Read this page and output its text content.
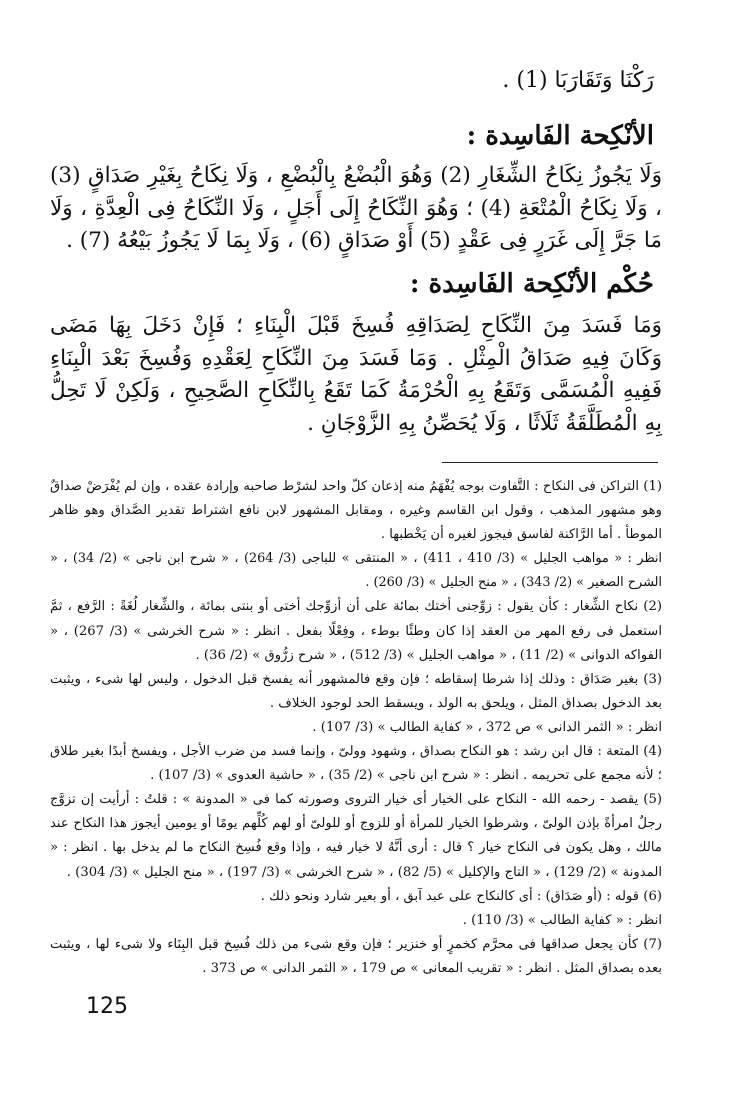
رَكْنَا وَتَقَارَبَا (1) .
الأنْكِحة الفَاسِدة :

وَلَا يَجُوزُ نِكَاحُ الشِّغَارِ (2) وَهُوَ الْبُضْعُ بِالْبُضْعِ ، وَلَا نِكَاحُ بِغَيْرِ صَدَاقٍ (3) ، وَلَا نِكَاحُ الْمُتْعَةِ (4) ؛ وَهُوَ النِّكَاحُ إِلَى أَجَلٍ ، وَلَا النِّكَاحُ فِى الْعِدَّةِ ، وَلَا مَا جَرَّ إِلَى غَرَرٍ فِى عَقْدٍ (5) أَوْ صَدَاقٍ (6) ، وَلَا بِمَا لَا يَجُوزُ بَيْعُهُ (7) .

حُكْم الأنْكِحة الفَاسِدة :

وَمَا فَسَدَ مِنَ النِّكَاحِ لِصَدَاقِهِ فُسِخَ قَبْلَ الْبِنَاءِ ؛ فَإِنْ دَخَلَ بِهَا مَضَى وَكَانَ فِيهِ صَدَاقُ الْمِثْلِ . وَمَا فَسَدَ مِنَ النِّكَاحِ لِعَقْدِهِ وَفُسِخَ بَعْدَ الْبِنَاءِ فَفِيهِ الْمُسَمَّى وَتَقَعُ بِهِ الْحُرْمَةُ كَمَا تَقَعُ بِالنِّكَاحِ الصَّحِيحِ ، وَلَكِنْ لَا تَحِلُّ بِهِ الْمُطَلَّقَةُ ثَلَاثًا ، وَلَا يُحَصِّنُ بِهِ الزَّوْجَانِ .

(1) التراكن فى النكاح : التَّفاوت بوجه يُفْهَمُ منه إذعان كلّ واحد لشرْط صاحبه وإرادة عقده ، وإن لم يُفْرَضْ صداقٌ وهو مشهور المذهب ، وقول ابن القاسم وغيره ، ومقابل المشهور لابن نافع اشتراط تقدير الصَّداق وهو ظاهر الموطأ . أما الرَّاكنة لفاسق فيجوز لغيره أن يَخْطبها .

انظر : « مواهب الجليل » (3/ 410 ، 411) ، « المنتقى » للباجى (3/ 264) ، « شرح ابن ناجى » (2/ 34) ، « الشرح الصغير » (2/ 343) ، « منح الجليل » (3/ 260) .

(2) نكاح الشِّغار : كأن يقول : زوِّجنى أختك بمائة على أن أزوِّجك أختى أو بنتى بمائة ، والشِّغار لُغَةً : الرَّفع ، ثمَّ استعمل فى رفع المهر من العقد إذا كان وطئًا بوطء ، وفِعْلًا بفعل . انظر : « شرح الخرشى » (3/ 267) ، « الفواكه الدوانى » (2/ 11) ، « مواهب الجليل » (3/ 512) ، « شرح زرُّوق » (2/ 36) .

(3) بغير صَدَاق : وذلك إذا شرطا إسقاطه ؛ فإن وقع فالمشهور أنه يفسخ قبل الدخول ، وليس لها شىء ، ويثبت بعد الدخول بصداق المثل ، ويلحق به الولد ، ويسقط الحد لوجود الخلاف .

انظر : « الثمر الدانى » ص 372 ، « كفاية الطالب » (3/ 107) .

(4) المتعة : قال ابن رشد : هو النكاح بصداق ، وشهود وولىّ ، وإنما فسد من ضرب الأجل ، ويفسخ أبدًا بغير طلاق ؛ لأنه مجمع على تحريمه . انظر : « شرح ابن ناجى » (2/ 35) ، « حاشية العدوى » (3/ 107) .

(5) يقصد - رحمه الله - النكاح على الخيار أى خيار التروى وصورته كما فى « المدونة » : قلتُ : أرأيت إن تزوَّج رجلٌ امرأةً بإذن الولىّ ، وشرطوا الخيار للمرأة أو للزوج أو للولىّ أو لهم كُلِّهم يومًا أو يومين أيجوز هذا النكاح عند مالك ، وهل يكون فى النكاح خيار ؟ قال : أرى أنَّهُ لا خيار فيه ، وإذا وقع فُسِخ النكاح ما لم يدخل بها . انظر : « المدونة » (2/ 129) ، « التاج والإكليل » (5/ 82) ، « شرح الخرشى » (3/ 197) ، « منح الجليل » (3/ 304) .

(6) قوله : (أو صَدَاق) : أى كالنكاح على عبد آبق ، أو بعير شارد ونحو ذلك .

انظر : « كفاية الطالب » (3/ 110) .

(7) كأن يجعل صداقها فى محرَّم كخمرٍ أو خنزير ؛ فإن وقع شىء من ذلك فُسِخ قبل البِنَاء ولا شىء لها ، ويثبت بعده بصداق المثل . انظر : « تقريب المعانى » ص 179 ، « الثمر الدانى » ص 373 .

125
